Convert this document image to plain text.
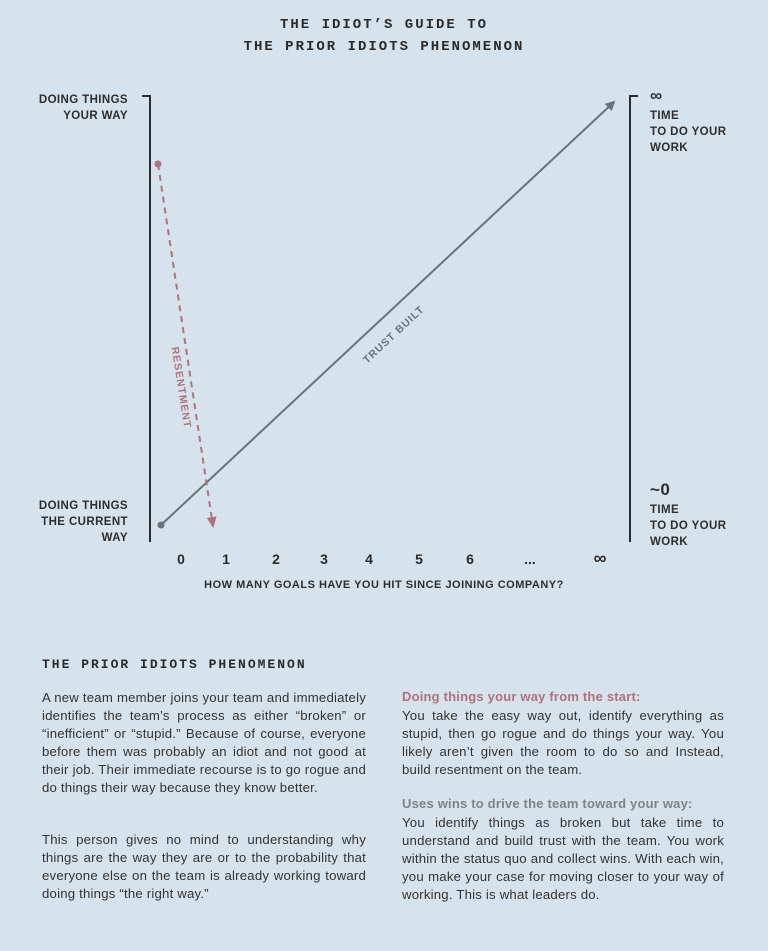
THE IDIOT’S GUIDE TO
THE PRIOR IDIOTS PHENOMENON
TRUST BUILT
RESENTMENT
DOING THINGS
YOUR WAY
DOING THINGS
THE CURRENT
WAY
∞
TIME
TO DO YOUR
WORK
~0
TIME
TO DO YOUR
WORK
0	1	2	3	4	5	6	...	∞
HOW MANY GOALS HAVE YOU HIT SINCE JOINING COMPANY?
THE PRIOR IDIOTS PHENOMENON
A new team member joins your team and immediately identifies the team’s process as either “broken” or “inefficient” or “stupid.” Because of course, everyone before them was probably an idiot and not good at their job. Their immediate recourse is to go rogue and do things their way because they know better.
This person gives no mind to understanding why things are the way they are or to the probability that everyone else on the team is already working toward doing things “the right way.”
Doing things your way from the start:
You take the easy way out, identify everything as stupid, then go rogue and do things your way. You likely aren’t given the room to do so and Instead, build resentment on the team.
Uses wins to drive the team toward your way:
You identify things as broken but take time to understand and build trust with the team. You work within the status quo and collect wins. With each win, you make your case for moving closer to your way of working. This is what leaders do.
